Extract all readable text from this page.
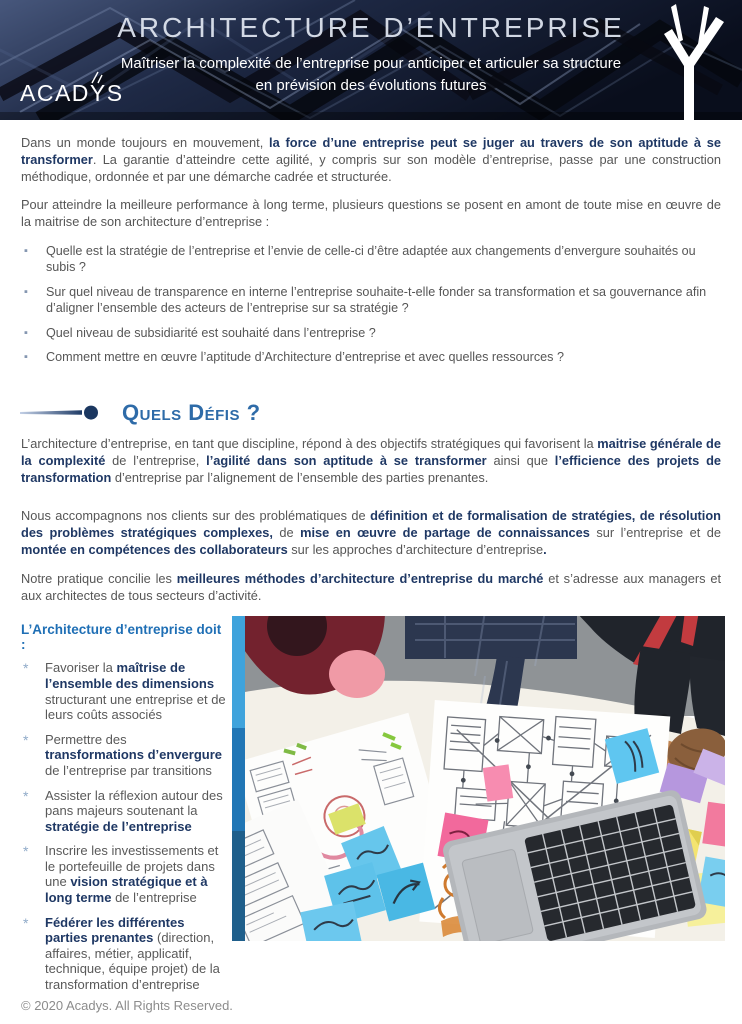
ARCHITECTURE D’ENTREPRISE
Maîtriser la complexité de l’entreprise pour anticiper et articuler sa structure
en prévision des évolutions futures
ACADYS

Dans un monde toujours en mouvement, la force d’une entreprise peut se juger au travers de son aptitude à se transformer. La garantie d’atteindre cette agilité, y compris sur son modèle d’entreprise, passe par une construction méthodique, ordonnée et par une démarche cadrée et structurée.

Pour atteindre la meilleure performance à long terme, plusieurs questions se posent en amont de toute mise en œuvre de la maitrise de son architecture d’entreprise :

▪ Quelle est la stratégie de l’entreprise et l’envie de celle-ci d’être adaptée aux changements d’envergure souhaités ou subis ?
▪ Sur quel niveau de transparence en interne l’entreprise souhaite-t-elle fonder sa transformation et sa gouvernance afin d’aligner l’ensemble des acteurs de l’entreprise sur sa stratégie ?
▪ Quel niveau de subsidiarité est souhaité dans l’entreprise ?
▪ Comment mettre en œuvre l’aptitude d’Architecture d’entreprise et avec quelles ressources ?
Quels Défis ?

L’architecture d’entreprise, en tant que discipline, répond à des objectifs stratégiques qui favorisent la maitrise générale de la complexité de l’entreprise, l’agilité dans son aptitude à se transformer ainsi que l’efficience des projets de transformation d’entreprise par l’alignement de l’ensemble des parties prenantes.

Nous accompagnons nos clients sur des problématiques de définition et de formalisation de stratégies, de résolution des problèmes stratégiques complexes, de mise en œuvre de partage de connaissances sur l’entreprise et de montée en compétences des collaborateurs sur les approches d’architecture d’entreprise.

Notre pratique concilie les meilleures méthodes d’architecture d’entreprise du marché et s’adresse aux managers et aux architectes de tous secteurs d’activité.

L’Architecture d’entreprise doit :
* Favoriser la maîtrise de l’ensemble des dimensions structurant une entreprise et de leurs coûts associés
* Permettre des transformations d’envergure de l’entreprise par transitions
* Assister la réflexion autour des pans majeurs soutenant la stratégie de l’entreprise
* Inscrire les investissements et le portefeuille de projets dans une vision stratégique et à long terme de l’entreprise
* Fédérer les différentes parties prenantes (direction, affaires, métier, applicatif, technique, équipe projet) de la transformation d’entreprise
© 2020 Acadys. All Rights Reserved.
